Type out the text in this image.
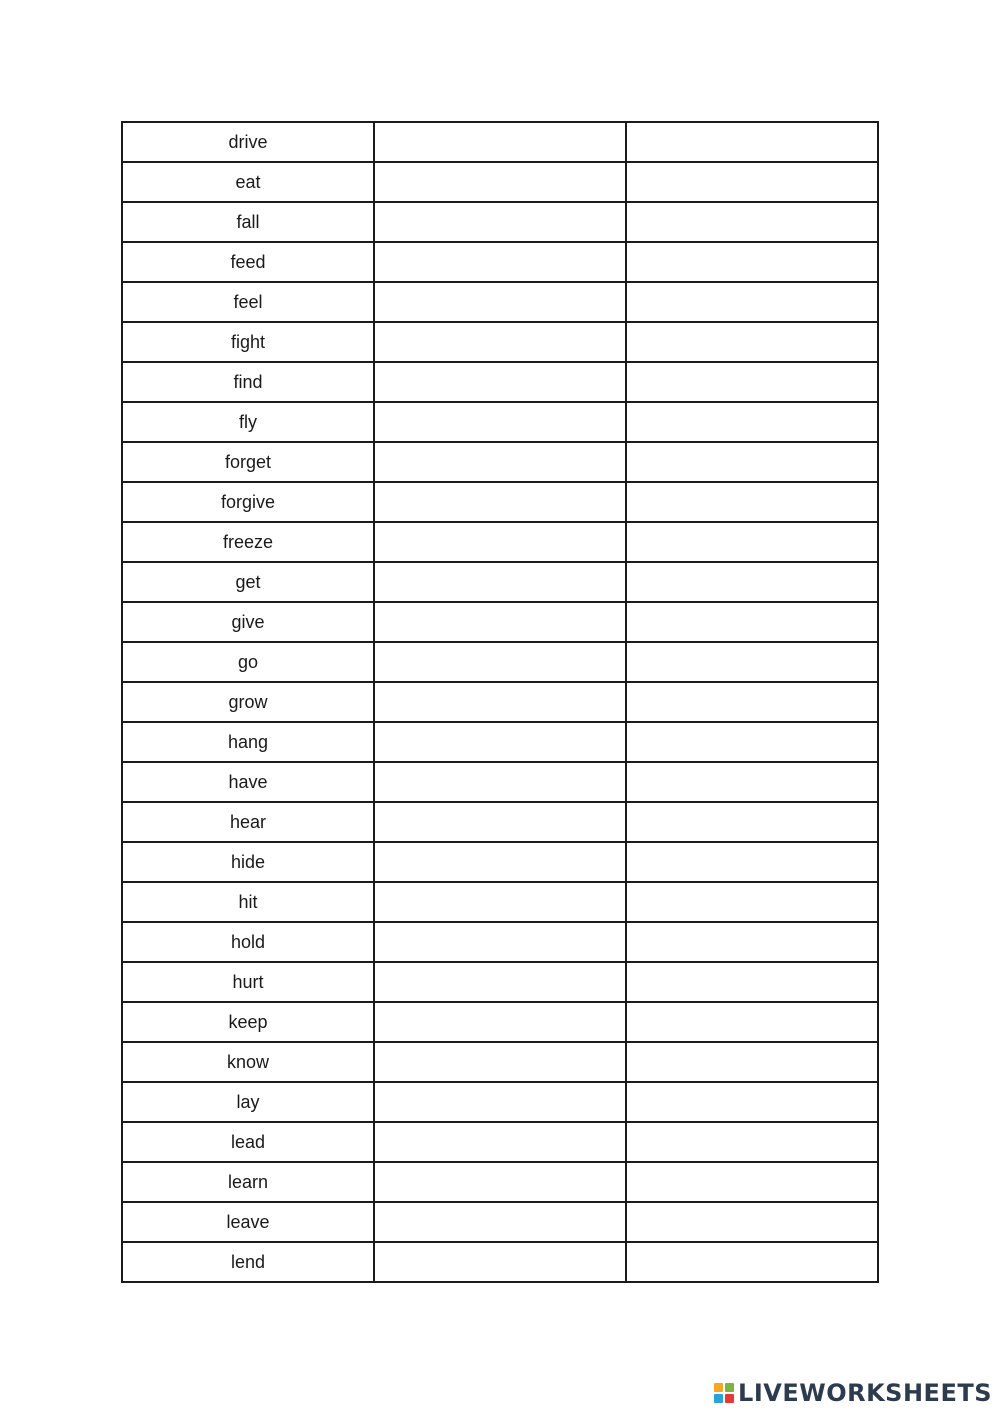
drive		
eat		
fall		
feed		
feel		
fight		
find		
fly		
forget		
forgive		
freeze		
get		
give		
go		
grow		
hang		
have		
hear		
hide		
hit		
hold		
hurt		
keep		
know		
lay		
lead		
learn		
leave		
lend		
LIVEWORKSHEETS
